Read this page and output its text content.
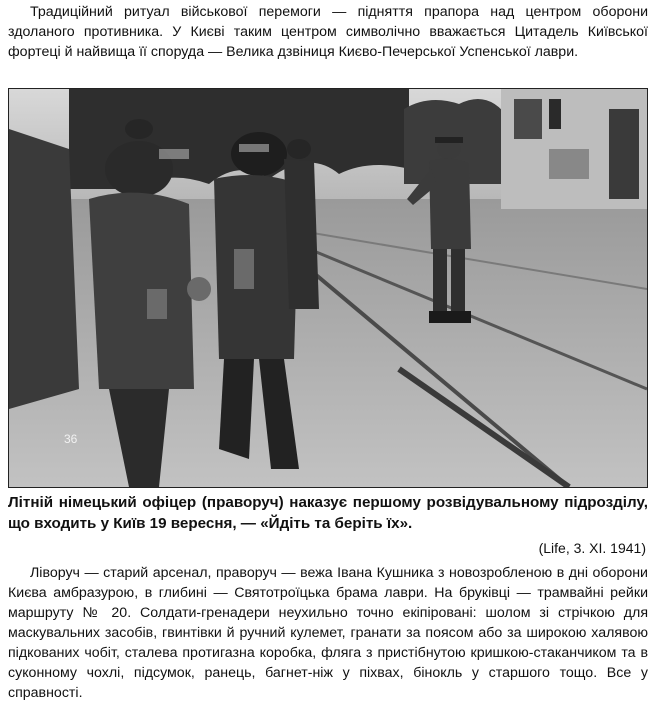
Традиційний ритуал військової перемоги — підняття прапора над центром оборони здоланого противника. У Києві таким центром символічно вважається Цитадель Київської фортеці й найвища її споруда — Велика дзвіниця Києво-Печерської Успенської лаври.
36
Літній німецький офіцер (праворуч) наказує першому розвідувальному підрозділу, що входить у Київ 19 вересня, — «Йдіть та беріть їх».
(Life, 3. XI. 1941)
Ліворуч — старий арсенал, праворуч — вежа Івана Кушника з новозробленою в дні оборони Києва амбразурою, в глибині — Святотроїцька брама лаври. На бруківці — трамвайні рейки маршруту № 20. Солдати-гренадери неухильно точно екіпіровані: шолом зі стрічкою для маскувальних засобів, гвинтівки й ручний кулемет, гранати за поясом або за широкою халявою підкованих чобіт, сталева протигазна коробка, фляга з пристібнутою кришкою-стаканчиком та в суконному чохлі, підсумок, ранець, багнет-ніж у піхвах, бінокль у старшого тощо. Все у справності.
